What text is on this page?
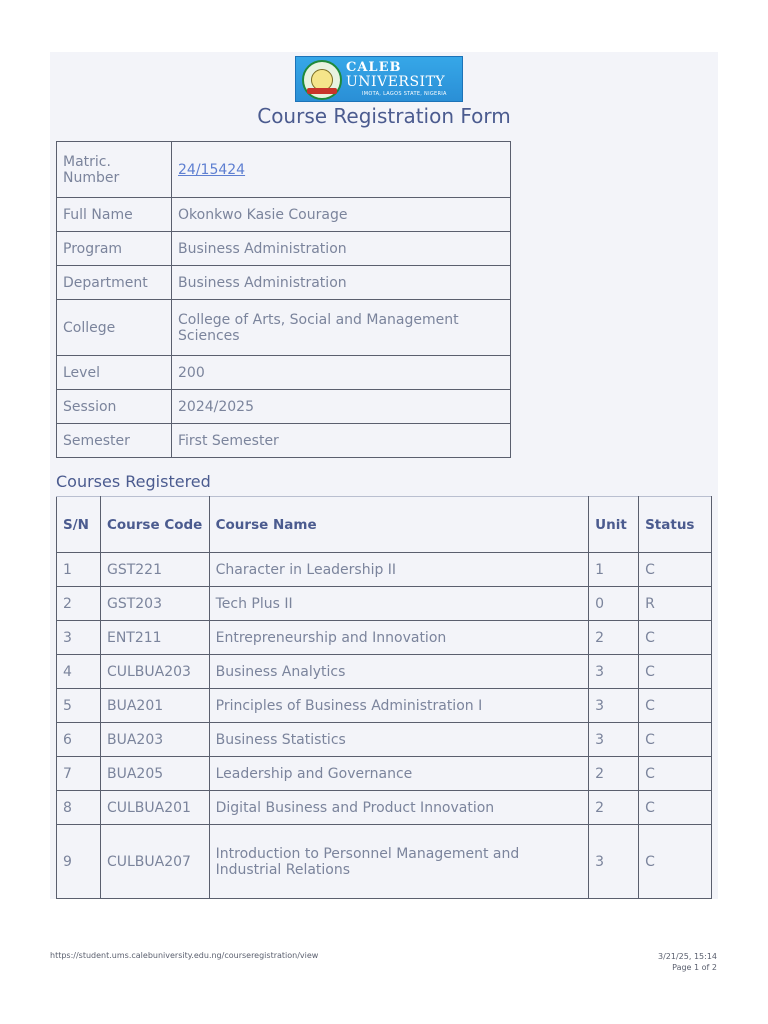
CALEB
UNIVERSITY
IMOTA, LAGOS STATE, NIGERIA
Course Registration Form
Matric. Number	24/15424
Full Name	Okonkwo Kasie Courage
Program	Business Administration
Department	Business Administration
College	College of Arts, Social and Management Sciences
Level	200
Session	2024/2025
Semester	First Semester
Courses Registered
S/N	Course Code	Course Name	Unit	Status
1	GST221	Character in Leadership II	1	C
2	GST203	Tech Plus II	0	R
3	ENT211	Entrepreneurship and Innovation	2	C
4	CULBUA203	Business Analytics	3	C
5	BUA201	Principles of Business Administration I	3	C
6	BUA203	Business Statistics	3	C
7	BUA205	Leadership and Governance	2	C
8	CULBUA201	Digital Business and Product Innovation	2	C
9	CULBUA207	Introduction to Personnel Management and Industrial Relations	3	C
https://student.ums.calebuniversity.edu.ng/courseregistration/view	3/21/25, 15:14
Page 1 of 2
